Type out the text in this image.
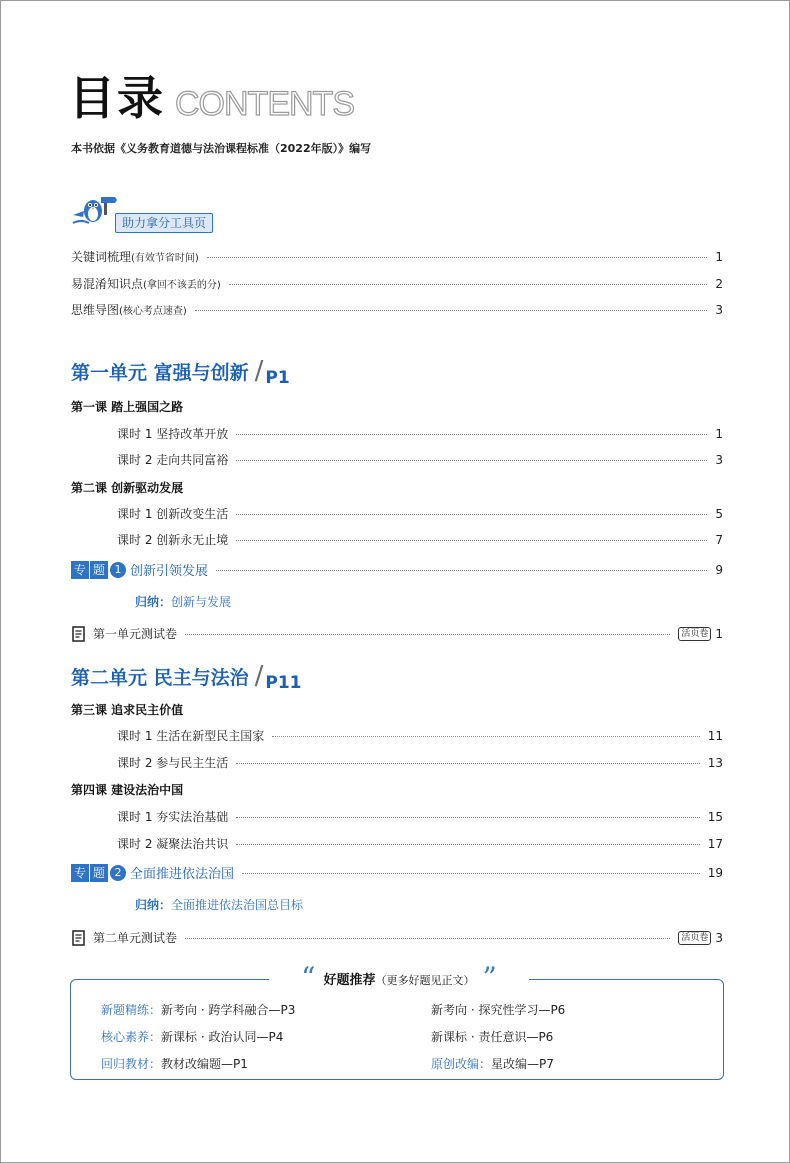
目录 CONTENTS
本书依据《义务教育道德与法治课程标准（2022年版）》编写
助力拿分工具页
关键词梳理(有效节省时间)	1
易混淆知识点(拿回不该丢的分)	2
思维导图(核心考点速查)	3
第一单元 富强与创新 / P1
第一课 踏上强国之路
课时 1 坚持改革开放	1
课时 2 走向共同富裕	3
第二课 创新驱动发展
课时 1 创新改变生活	5
课时 2 创新永无止境	7
专 题 1 创新引领发展	9
归纳：创新与发展
第一单元测试卷	活页卷 1
第二单元 民主与法治 / P11
第三课 追求民主价值
课时 1 生活在新型民主国家	11
课时 2 参与民主生活	13
第四课 建设法治中国
课时 1 夯实法治基础	15
课时 2 凝聚法治共识	17
专 题 2 全面推进依法治国	19
归纳：全面推进依法治国总目标
第二单元测试卷	活页卷 3
“ 好题推荐（更多好题见正文） ”
新题精练：新考向 · 跨学科融合—P3	新考向 · 探究性学习—P6
核心素养：新课标 · 政治认同—P4	新课标 · 责任意识—P6
回归教材：教材改编题—P1	原创改编：星改编—P7
